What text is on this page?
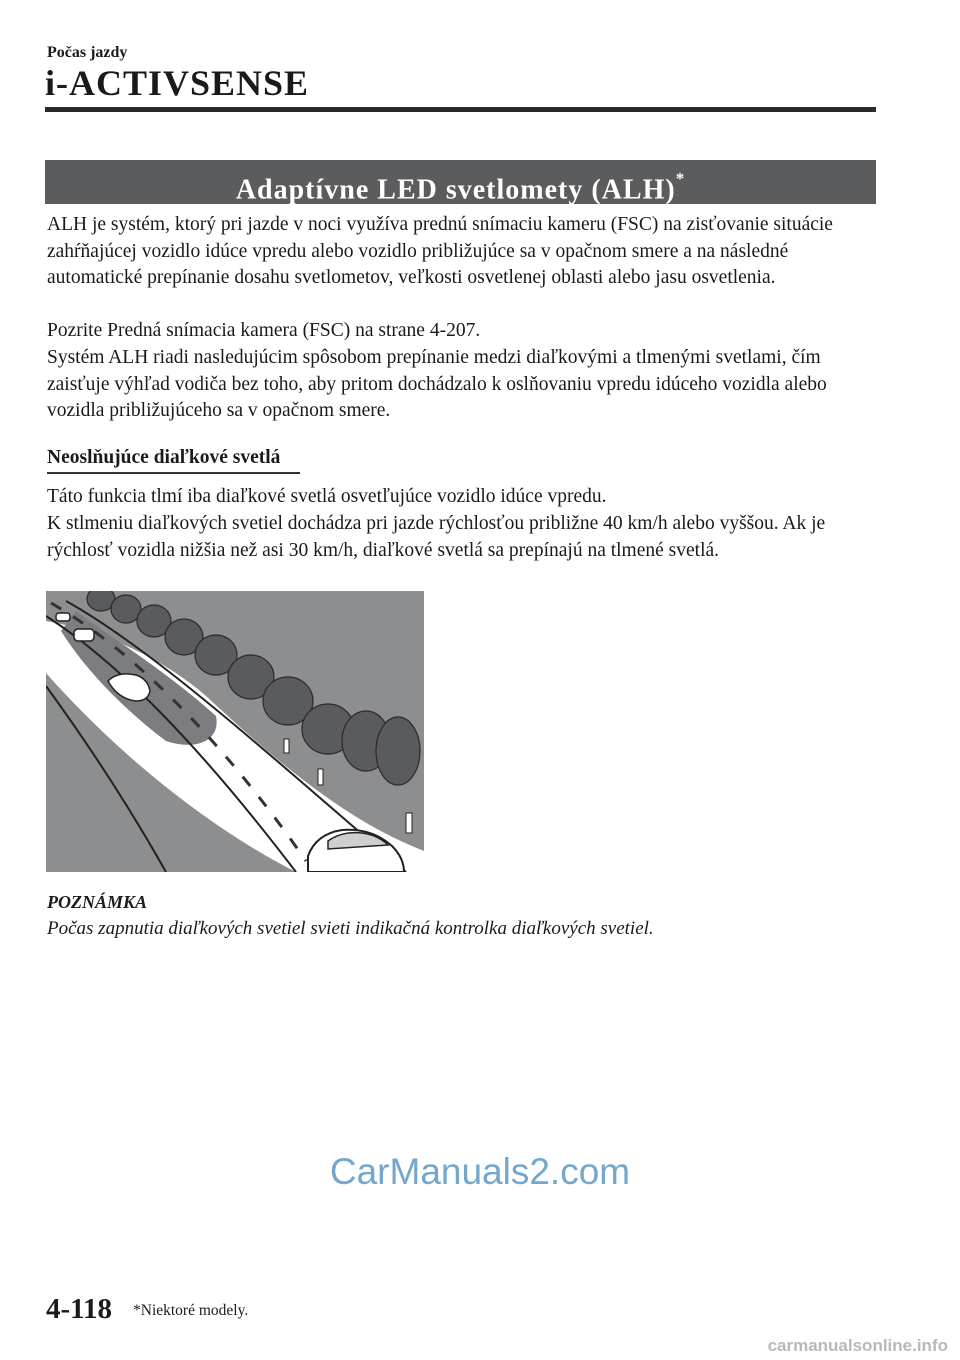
Počas jazdy
i-ACTIVSENSE
Adaptívne LED svetlomety (ALH)*

ALH je systém, ktorý pri jazde v noci využíva prednú snímaciu kameru (FSC) na zisťovanie situácie zahŕňajúcej vozidlo idúce vpredu alebo vozidlo približujúce sa v opačnom smere a na následné automatické prepínanie dosahu svetlometov, veľkosti osvetlenej oblasti alebo jasu osvetlenia.

Pozrite Predná snímacia kamera (FSC) na strane 4-207.

Systém ALH riadi nasledujúcim spôsobom prepínanie medzi diaľkovými a tlmenými svetlami, čím zaisťuje výhľad vodiča bez toho, aby pritom dochádzalo k oslňovaniu vpredu idúceho vozidla alebo vozidla približujúceho sa v opačnom smere.

Neoslňujúce diaľkové svetlá

Táto funkcia tlmí iba diaľkové svetlá osvetľujúce vozidlo idúce vpredu.

K stlmeniu diaľkových svetiel dochádza pri jazde rýchlosťou približne 40 km/h alebo vyššou. Ak je rýchlosť vozidla nižšia než asi 30 km/h, diaľkové svetlá sa prepínajú na tlmené svetlá.

POZNÁMKA
Počas zapnutia diaľkových svetiel svieti indikačná kontrolka diaľkových svetiel.
CarManuals2.com
4-118 *Niektoré modely.
carmanualsonline.info
